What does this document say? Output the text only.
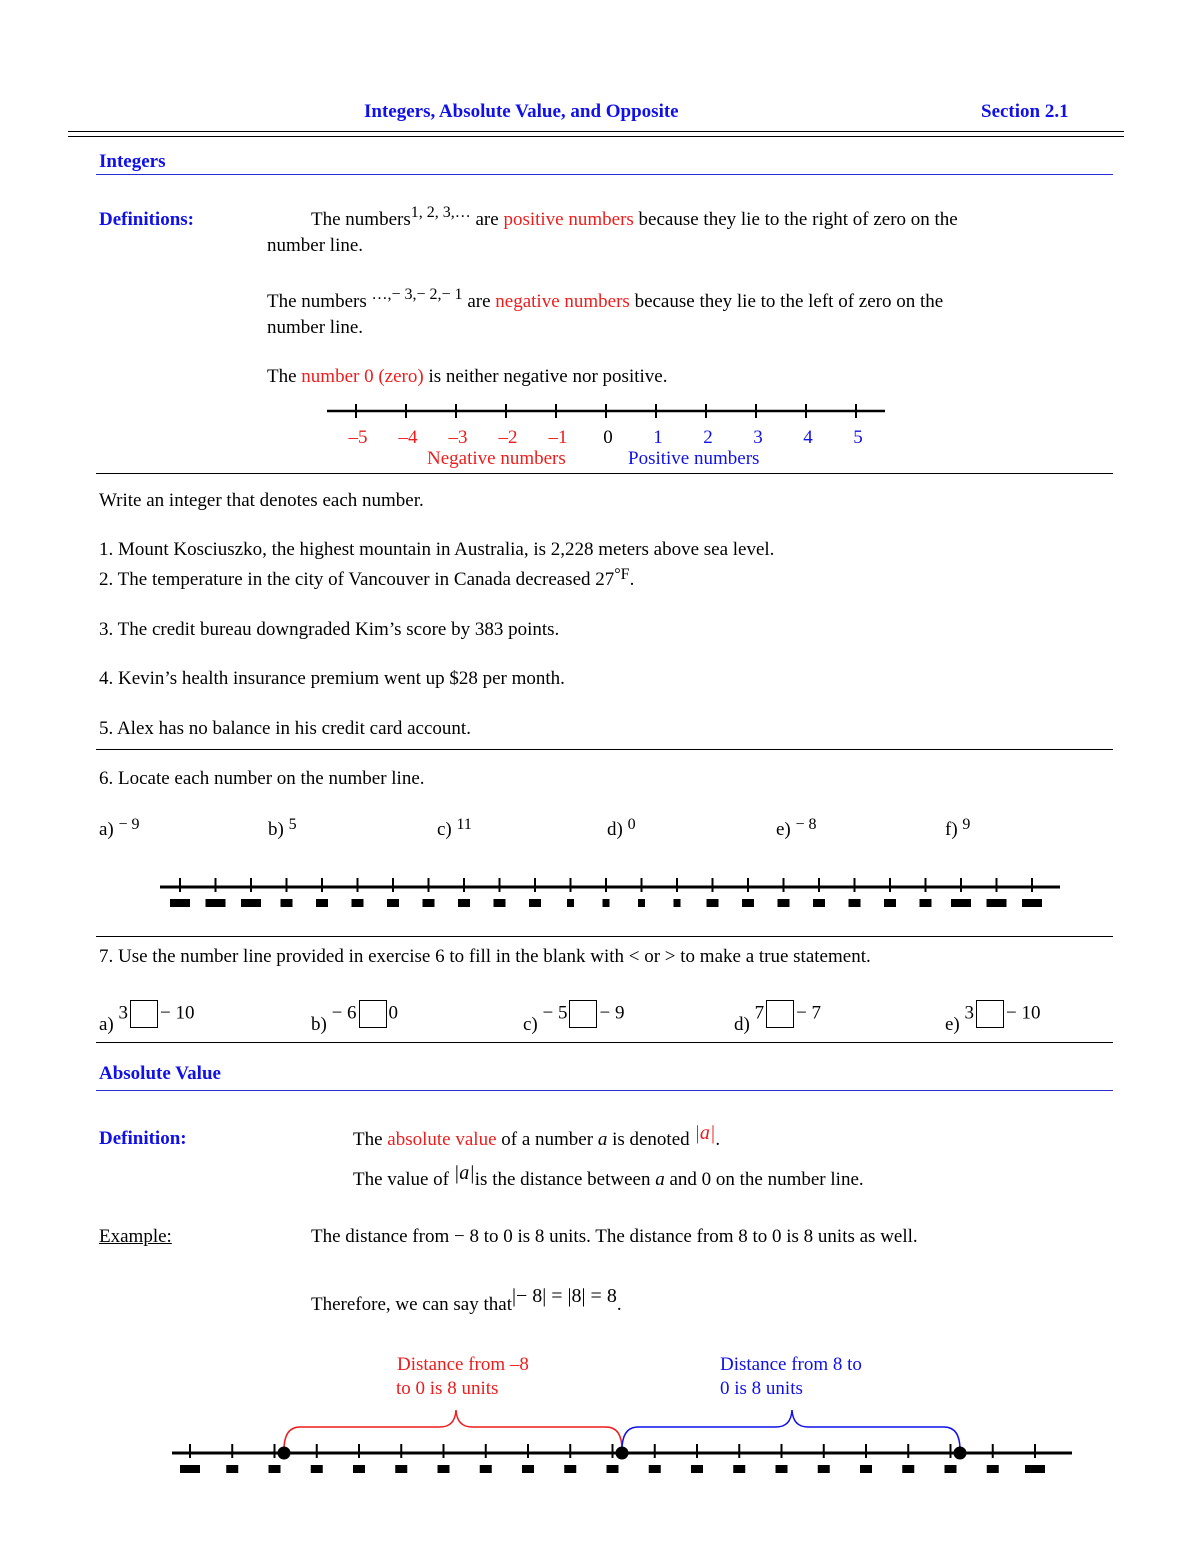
Integers, Absolute Value, and Opposite	Section 2.1
Integers
Definitions:	The numbers$^{1, 2, 3,\dots}$ are positive numbers because they lie to the right of zero on the
number line.
The numbers $^{\dots,- 3,- 2,- 1}$ are negative numbers because they lie to the left of zero on the
number line.
The number 0 (zero) is neither negative nor positive.
–5 –4 –3 –2 –1 0 1 2 3 4 5
Negative numbers	Positive numbers
Write an integer that denotes each number.
1. Mount Kosciuszko, the highest mountain in Australia, is 2,228 meters above sea level.
2. The temperature in the city of Vancouver in Canada decreased $27^{^\circ F}$.
3. The credit bureau downgraded Kim’s score by 383 points.
4. Kevin’s health insurance premium went up $28 per month.
5. Alex has no balance in his credit card account.
6. Locate each number on the number line.
a) $^{- 9}$	b) $^5$	c) $^{11}$	d) $^0$	e) $^{- 8}$	f) $^9$
7. Use the number line provided in exercise 6 to fill in the blank with < or > to make a true statement.
a) 3 − 10
b) − 6 0
c) − 5 − 9
d) 7 − 7
e) 3 − 10
Absolute Value
Definition:	The absolute value of a number a is denoted |a|.
The value of |a|is the distance between a and 0 on the number line.
Example:	The distance from − 8 to 0 is 8 units. The distance from 8 to 0 is 8 units as well.
Therefore, we can say that|− 8| = |8| = 8.
Distance from –8
to 0 is 8 units
Distance from 8 to
0 is 8 units
